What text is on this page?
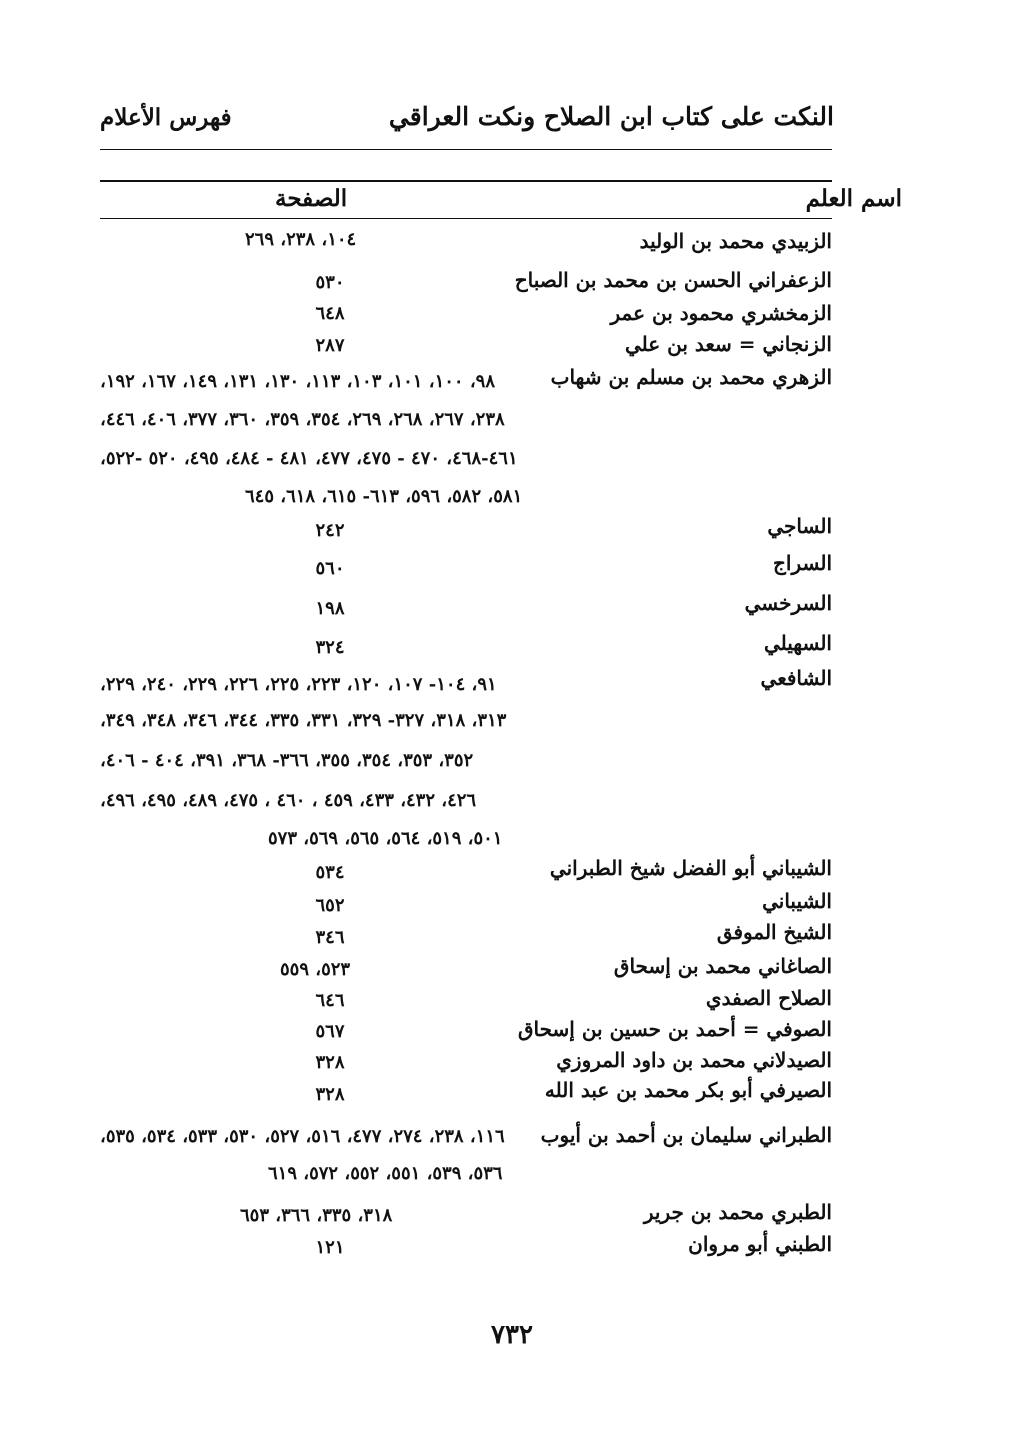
النكت على كتاب ابن الصلاح ونكت العراقي
فهرس الأعلام
اسم العلم
الصفحة
الزبيدي محمد بن الوليد
١٠٤، ٢٣٨، ٢٦٩
الزعفراني الحسن بن محمد بن الصباح
٥٣٠
الزمخشري محمود بن عمر
٦٤٨
الزنجاني = سعد بن علي
٢٨٧
الزهري محمد بن مسلم بن شهاب
٩٨، ١٠٠، ١٠١، ١٠٣، ١١٣، ١٣٠، ١٣١، ١٤٩، ١٦٧، ١٩٢،
٢٣٨، ٢٦٧، ٢٦٨، ٢٦٩، ٣٥٤، ٣٥٩، ٣٦٠، ٣٧٧، ٤٠٦، ٤٤٦،
٤٦١-٤٦٨، ٤٧٠ - ٤٧٥، ٤٧٧، ٤٨١ - ٤٨٤، ٤٩٥، ٥٢٠ -٥٢٢،
٥٨١، ٥٨٢، ٥٩٦، ٦١٣- ٦١٥، ٦١٨، ٦٤٥
الساجي
٢٤٢
السراج
٥٦٠
السرخسي
١٩٨
السهيلي
٣٢٤
الشافعي
٩١، ١٠٤- ١٠٧، ١٢٠، ٢٢٣، ٢٢٥، ٢٢٦، ٢٢٩، ٢٤٠، ٢٢٩،
٣١٣، ٣١٨، ٣٢٧- ٣٢٩، ٣٣١، ٣٣٥، ٣٤٤، ٣٤٦، ٣٤٨، ٣٤٩،
٣٥٢، ٣٥٣، ٣٥٤، ٣٥٥، ٣٦٦- ٣٦٨، ٣٩١، ٤٠٤ - ٤٠٦،
٤٢٦، ٤٣٢، ٤٣٣، ٤٥٩ ، ٤٦٠ ، ٤٧٥، ٤٨٩، ٤٩٥، ٤٩٦،
٥٠١، ٥١٩، ٥٦٤، ٥٦٥، ٥٦٩، ٥٧٣
الشيباني أبو الفضل شيخ الطبراني
٥٣٤
الشيباني
٦٥٢
الشيخ الموفق
٣٤٦
الصاغاني محمد بن إسحاق
٥٢٣، ٥٥٩
الصلاح الصفدي
٦٤٦
الصوفي = أحمد بن حسين بن إسحاق
٥٦٧
الصيدلاني محمد بن داود المروزي
٣٢٨
الصيرفي أبو بكر محمد بن عبد الله
٣٢٨
الطبراني سليمان بن أحمد بن أيوب
١١٦، ٢٣٨، ٢٧٤، ٤٧٧، ٥١٦، ٥٢٧، ٥٣٠، ٥٣٣، ٥٣٤، ٥٣٥،
٥٣٦، ٥٣٩، ٥٥١، ٥٥٢، ٥٧٢، ٦١٩
الطبري محمد بن جرير
٣١٨، ٣٣٥، ٣٦٦، ٦٥٣
الطبني أبو مروان
١٢١
٧٣٢
